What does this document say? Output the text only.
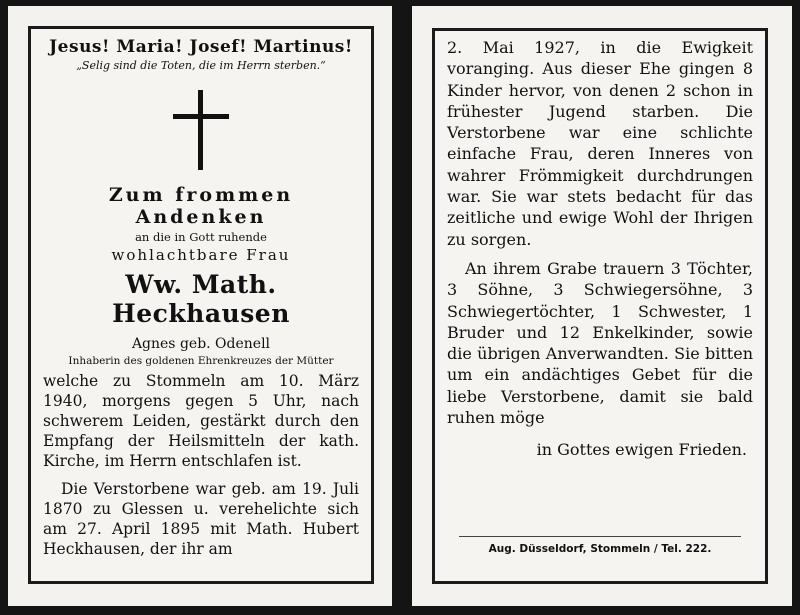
Jesus! Maria! Josef! Martinus!
„Selig sind die Toten, die im Herrn sterben.“
Zum frommen Andenken
an die in Gott ruhende
wohlachtbare Frau
Ww. Math. Heckhausen
Agnes geb. Odenell
Inhaberin des goldenen Ehrenkreuzes der Mütter

welche zu Stommeln am 10. März 1940, morgens gegen 5 Uhr, nach schwerem Leiden, gestärkt durch den Empfang der Heilsmitteln der kath. Kirche, im Herrn entschlafen ist.

Die Verstorbene war geb. am 19. Juli 1870 zu Glessen u. verehelichte sich am 27. April 1895 mit Math. Hubert Heckhausen, der ihr am

2. Mai 1927, in die Ewigkeit voranging. Aus dieser Ehe gingen 8 Kinder hervor, von denen 2 schon in frühester Jugend starben. Die Verstorbene war eine schlichte einfache Frau, deren Inneres von wahrer Frömmigkeit durchdrungen war. Sie war stets bedacht für das zeitliche und ewige Wohl der Ihrigen zu sorgen.

An ihrem Grabe trauern 3 Töchter, 3 Söhne, 3 Schwiegersöhne, 3 Schwiegertöchter, 1 Schwester, 1 Bruder und 12 Enkelkinder, sowie die übrigen Anverwandten. Sie bitten um ein andächtiges Gebet für die liebe Verstorbene, damit sie bald ruhen möge

in Gottes ewigen Frieden.
Aug. Düsseldorf, Stommeln / Tel. 222.
